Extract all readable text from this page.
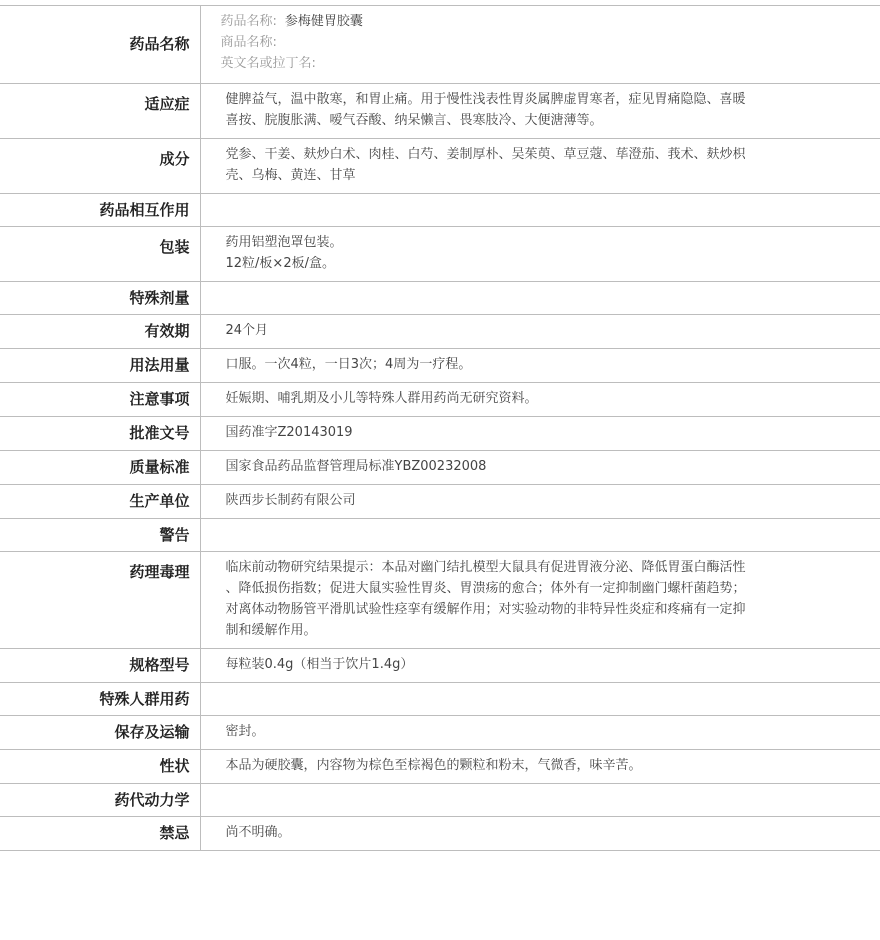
药品名称	药品名称: 参梅健胃胶囊
商品名称:
英文名或拉丁名:

适应症	健脾益气，温中散寒，和胃止痛。用于慢性浅表性胃炎属脾虚胃寒者，症见胃痛隐隐、喜暖
喜按、脘腹胀满、嗳气吞酸、纳呆懒言、畏寒肢冷、大便溏薄等。

成分	党参、干姜、麸炒白术、肉桂、白芍、姜制厚朴、吴茱萸、草豆蔻、荜澄茄、莪术、麸炒枳
壳、乌梅、黄连、甘草

药品相互作用	
包装	药用铝塑泡罩包装。
12粒/板×2板/盒。

特殊剂量	
有效期	24个月

用法用量	口服。一次4粒，一日3次；4周为一疗程。

注意事项	妊娠期、哺乳期及小儿等特殊人群用药尚无研究资料。

批准文号	国药准字Z20143019

质量标准	国家食品药品监督管理局标准YBZ00232008

生产单位	陕西步长制药有限公司

警告	
药理毒理	临床前动物研究结果提示：本品对幽门结扎模型大鼠具有促进胃液分泌、降低胃蛋白酶活性
、降低损伤指数；促进大鼠实验性胃炎、胃溃疡的愈合；体外有一定抑制幽门螺杆菌趋势；
对离体动物肠管平滑肌试验性痉挛有缓解作用；对实验动物的非特异性炎症和疼痛有一定抑
制和缓解作用。

规格型号	每粒装0.4g（相当于饮片1.4g）

特殊人群用药	
保存及运输	密封。

性状	本品为硬胶囊，内容物为棕色至棕褐色的颗粒和粉末，气微香，味辛苦。

药代动力学	
禁忌	尚不明确。
